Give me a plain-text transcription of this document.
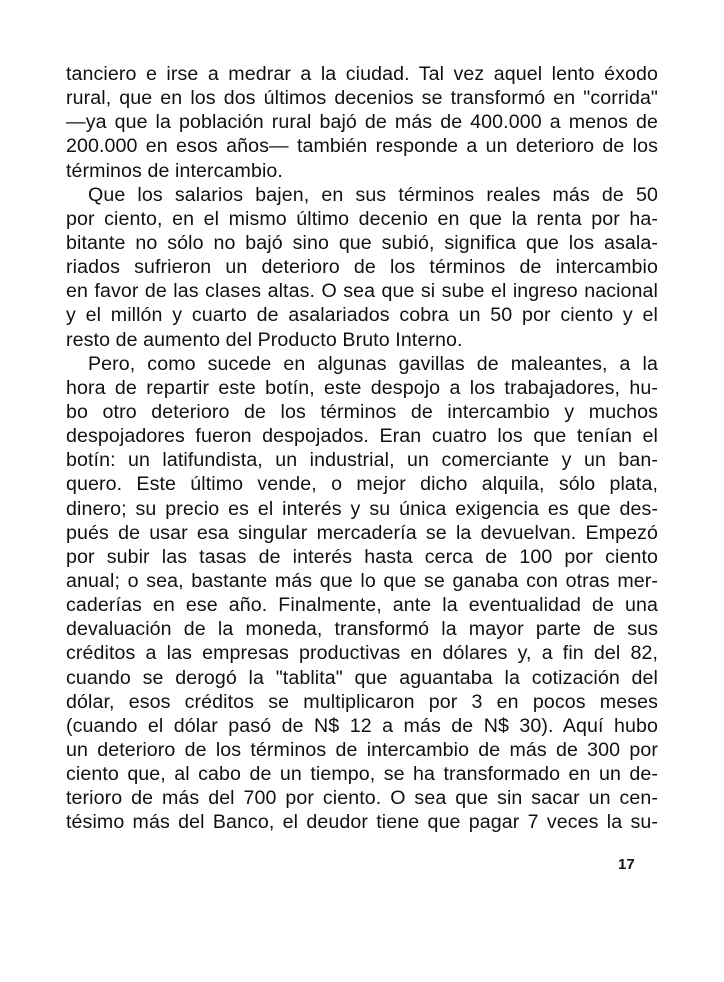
tanciero e irse a medrar a la ciudad. Tal vez aquel lento éxodo
rural, que en los dos últimos decenios se transformó en "corrida"
—ya que la población rural bajó de más de 400.000 a menos de
200.000 en esos años— también responde a un deterioro de los
términos de intercambio.
Que los salarios bajen, en sus términos reales más de 50
por ciento, en el mismo último decenio en que la renta por ha-
bitante no sólo no bajó sino que subió, significa que los asala-
riados sufrieron un deterioro de los términos de intercambio
en favor de las clases altas. O sea que si sube el ingreso nacional
y el millón y cuarto de asalariados cobra un 50 por ciento y el
resto de aumento del Producto Bruto Interno.
Pero, como sucede en algunas gavillas de maleantes, a la
hora de repartir este botín, este despojo a los trabajadores, hu-
bo otro deterioro de los términos de intercambio y muchos
despojadores fueron despojados. Eran cuatro los que tenían el
botín: un latifundista, un industrial, un comerciante y un ban-
quero. Este último vende, o mejor dicho alquila, sólo plata,
dinero; su precio es el interés y su única exigencia es que des-
pués de usar esa singular mercadería se la devuelvan. Empezó
por subir las tasas de interés hasta cerca de 100 por ciento
anual; o sea, bastante más que lo que se ganaba con otras mer-
caderías en ese año. Finalmente, ante la eventualidad de una
devaluación de la moneda, transformó la mayor parte de sus
créditos a las empresas productivas en dólares y, a fin del 82,
cuando se derogó la "tablita" que aguantaba la cotización del
dólar, esos créditos se multiplicaron por 3 en pocos meses
(cuando el dólar pasó de N$ 12 a más de N$ 30). Aquí hubo
un deterioro de los términos de intercambio de más de 300 por
ciento que, al cabo de un tiempo, se ha transformado en un de-
terioro de más del 700 por ciento. O sea que sin sacar un cen-
tésimo más del Banco, el deudor tiene que pagar 7 veces la su-
17
